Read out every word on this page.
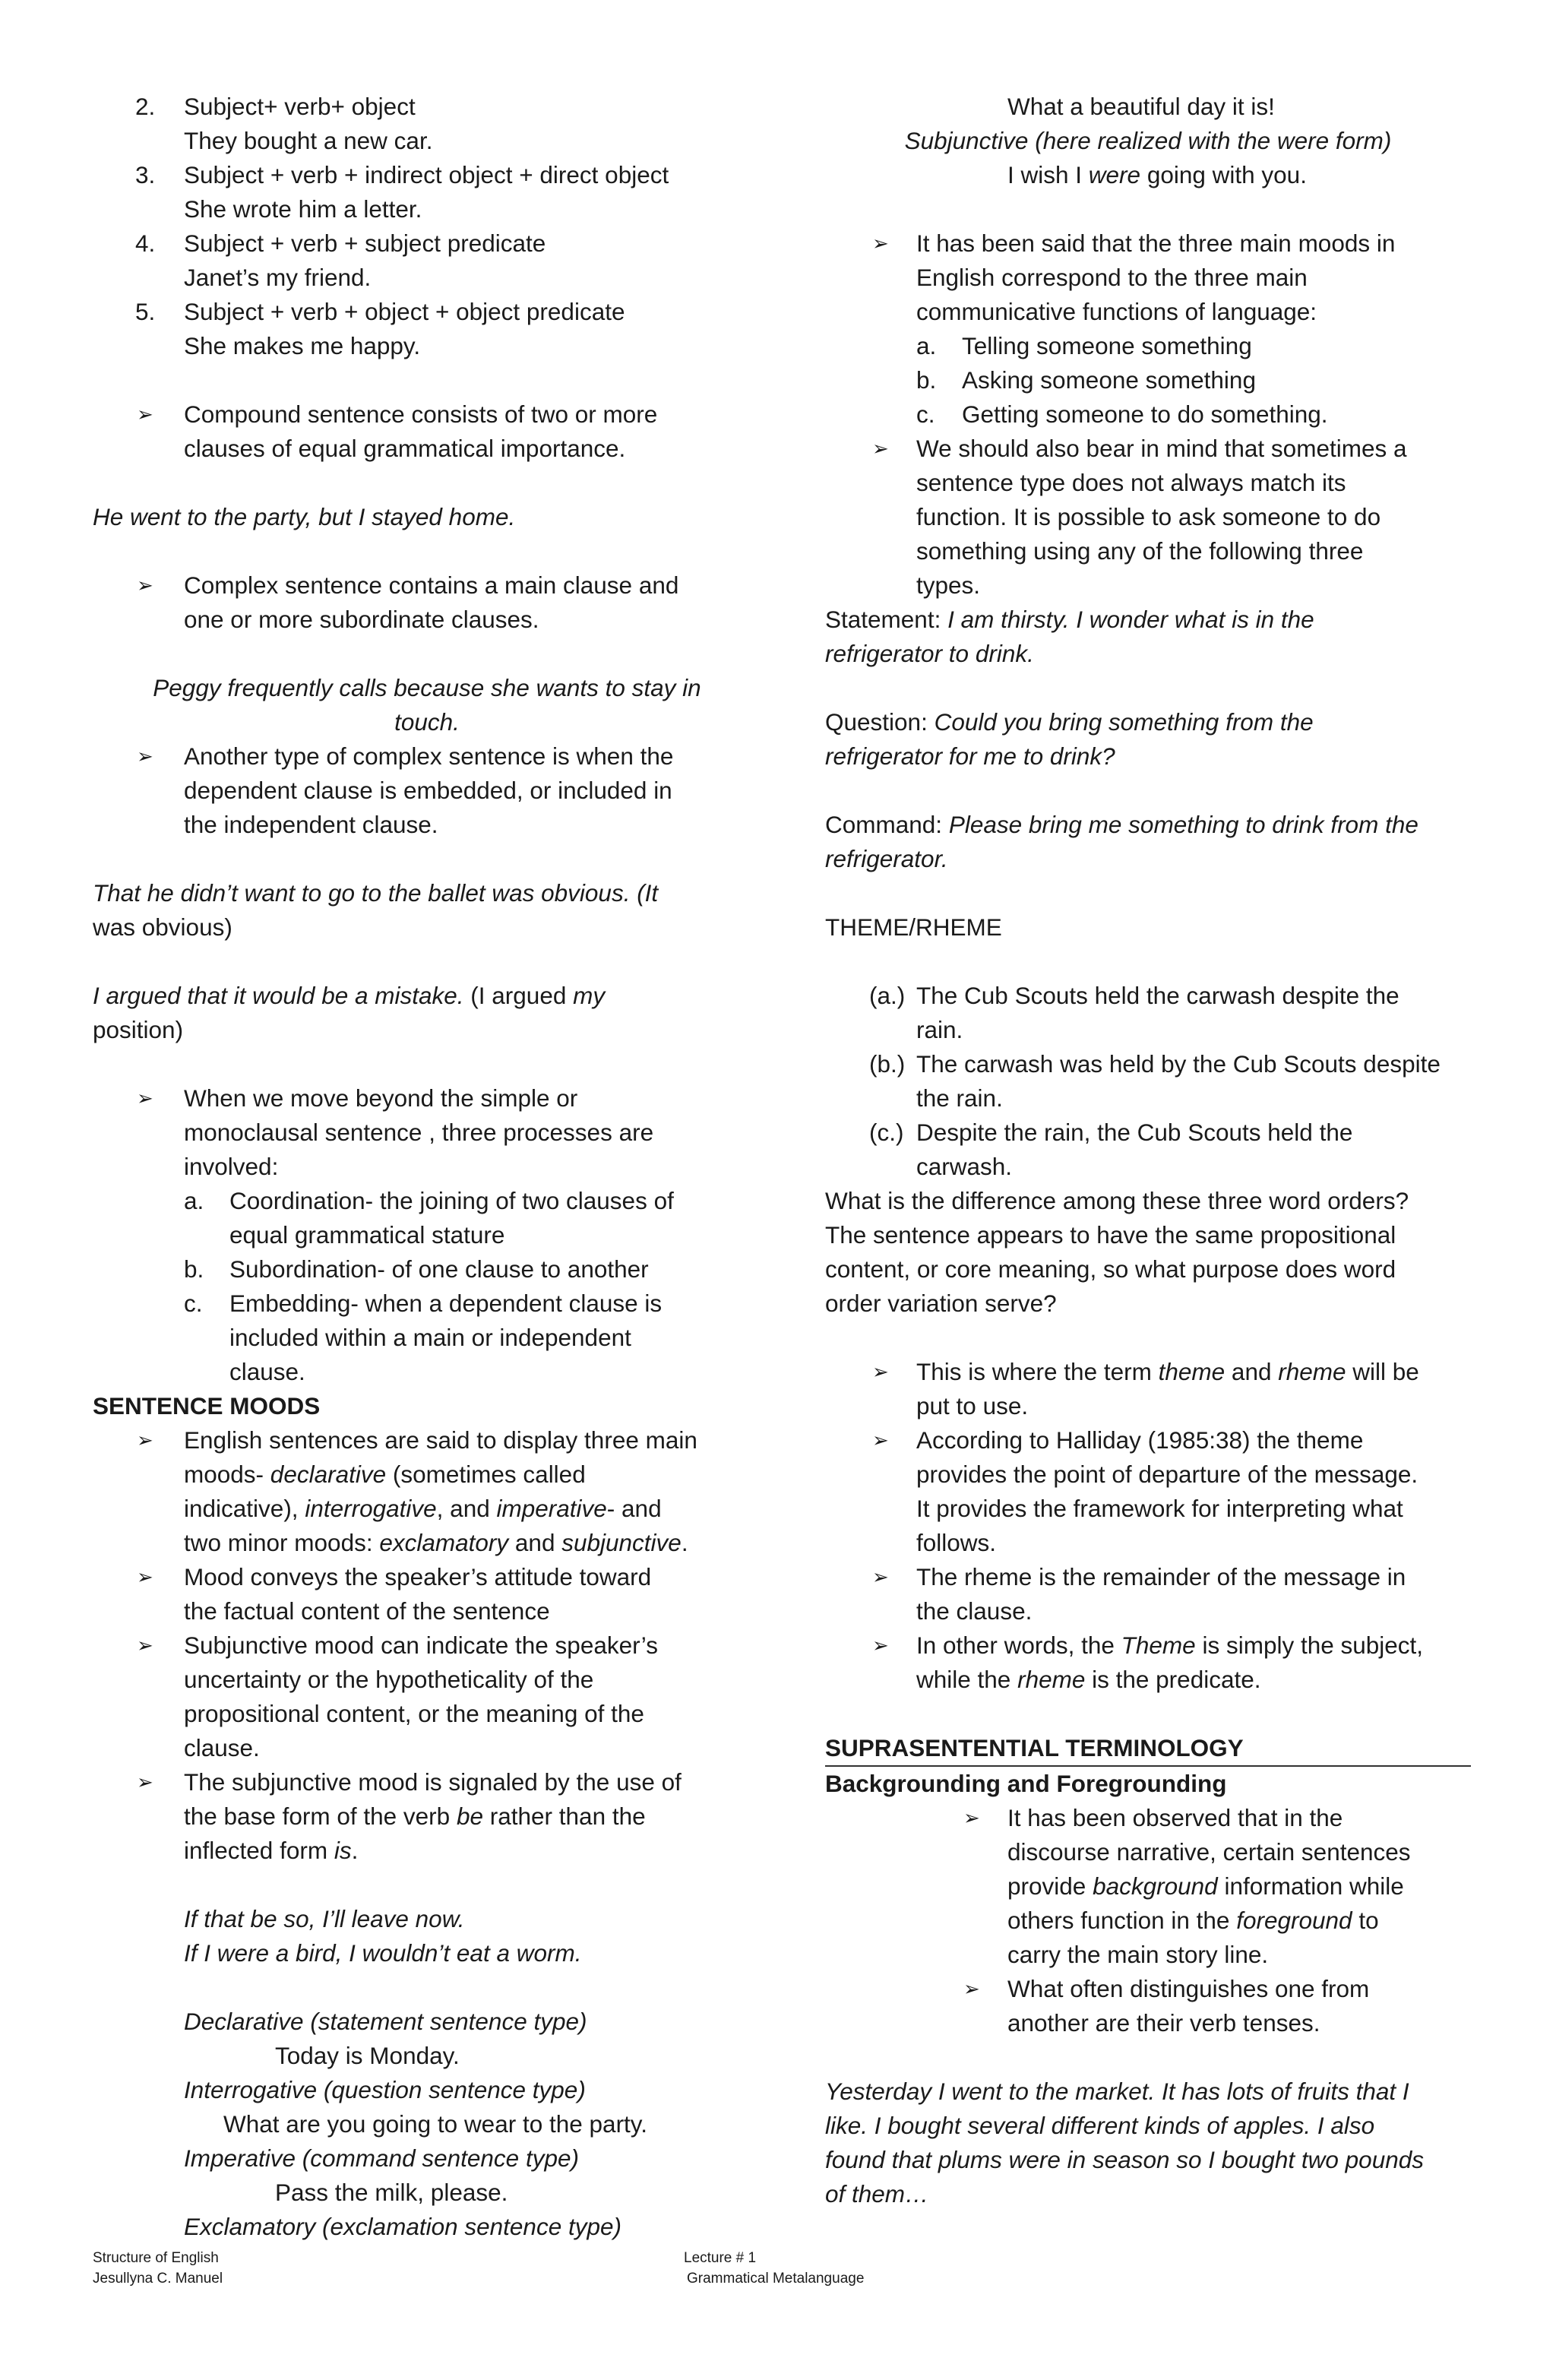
2. Subject+ verb+ object

They bought a new car.

3. Subject + verb + indirect object + direct object

She wrote him a letter.

4. Subject + verb + subject predicate

Janet’s my friend.

5. Subject + verb + object + object predicate

She makes me happy.

➢ Compound sentence consists of two or more

clauses of equal grammatical importance.

He went to the party, but I stayed home.

➢ Complex sentence contains a main clause and

one or more subordinate clauses.

Peggy frequently calls because she wants to stay in

touch.

➢ Another type of complex sentence is when the

dependent clause is embedded, or included in

the independent clause.

That he didn’t want to go to the ballet was obvious. (It

was obvious)

I argued that it would be a mistake. (I argued my

position)

➢ When we move beyond the simple or

monoclausal sentence , three processes are

involved:

a. Coordination- the joining of two clauses of

equal grammatical stature

b. Subordination- of one clause to another

c. Embedding- when a dependent clause is

included within a main or independent

clause.

SENTENCE MOODS

➢ English sentences are said to display three main

moods- declarative (sometimes called

indicative), interrogative, and imperative- and

two minor moods: exclamatory and subjunctive.

➢ Mood conveys the speaker’s attitude toward

the factual content of the sentence

➢ Subjunctive mood can indicate the speaker’s

uncertainty or the hypotheticality of the

propositional content, or the meaning of the

clause.

➢ The subjunctive mood is signaled by the use of

the base form of the verb be rather than the

inflected form is.

If that be so, I’ll leave now.

If I were a bird, I wouldn’t eat a worm.

Declarative (statement sentence type)

Today is Monday.

Interrogative (question sentence type)

What are you going to wear to the party.

Imperative (command sentence type)

Pass the milk, please.

Exclamatory (exclamation sentence type)

What a beautiful day it is!

Subjunctive (here realized with the were form)

I wish I were going with you.

➢ It has been said that the three main moods in

English correspond to the three main

communicative functions of language:

a. Telling someone something

b. Asking someone something

c. Getting someone to do something.

➢ We should also bear in mind that sometimes a

sentence type does not always match its

function. It is possible to ask someone to do

something using any of the following three

types.

Statement: I am thirsty. I wonder what is in the

refrigerator to drink.

Question: Could you bring something from the

refrigerator for me to drink?

Command: Please bring me something to drink from the

refrigerator.

THEME/RHEME

(a.) The Cub Scouts held the carwash despite the

rain.

(b.) The carwash was held by the Cub Scouts despite

the rain.

(c.) Despite the rain, the Cub Scouts held the

carwash.

What is the difference among these three word orders?

The sentence appears to have the same propositional

content, or core meaning, so what purpose does word

order variation serve?

➢ This is where the term theme and rheme will be

put to use.

➢ According to Halliday (1985:38) the theme

provides the point of departure of the message.

It provides the framework for interpreting what

follows.

➢ The rheme is the remainder of the message in

the clause.

➢ In other words, the Theme is simply the subject,

while the rheme is the predicate.

SUPRASENTENTIAL TERMINOLOGY

Backgrounding and Foregrounding

➢ It has been observed that in the

discourse narrative, certain sentences

provide background information while

others function in the foreground to

carry the main story line.

➢ What often distinguishes one from

another are their verb tenses.

Yesterday I went to the market. It has lots of fruits that I

like. I bought several different kinds of apples. I also

found that plums were in season so I bought two pounds

of them…

Structure of English
Jesullyna C. Manuel
Lecture # 1
Grammatical Metalanguage
